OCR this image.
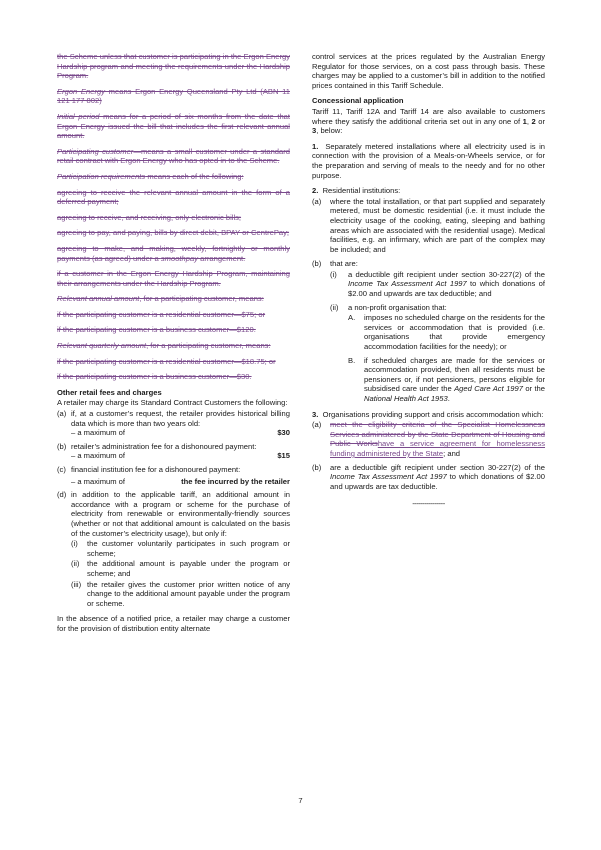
the Scheme unless that customer is participating in the Ergon Energy Hardship program and meeting the requirements under the Hardship Program.

Ergon Energy means Ergon Energy Queensland Pty Ltd (ABN 11 121 177 802)

Initial period means for a period of six months from the date that Ergon Energy issued the bill that includes the first relevant annual amount.

Participating customer—means a small customer under a standard retail contract with Ergon Energy who has opted in to the Scheme.

Participation requirements means each of the following:

agreeing to receive the relevant annual amount in the form of a deferred payment;

agreeing to receive, and receiving, only electronic bills;

agreeing to pay, and paying, bills by direct debit, BPAY or CentrePay;

agreeing to make, and making, weekly, fortnightly or monthly payments (as agreed) under a smoothpay arrangement.

if a customer in the Ergon Energy Hardship Program, maintaining their arrangements under the Hardship Program.

Relevant annual amount, for a participating customer, means:

if the participating customer is a residential customer—$75; or

if the participating customer is a business customer—$120.

Relevant quarterly amount, for a participating customer, means:

if the participating customer is a residential customer—$18.75; or

if the participating customer is a business customer—$30.

Other retail fees and charges

A retailer may charge its Standard Contract Customers the following:

(a) if, at a customer’s request, the retailer provides historical billing data which is more than two years old:
– a maximum of	$30
(b) retailer’s administration fee for a dishonoured payment:
– a maximum of	$15
(c) financial institution fee for a dishonoured payment:
– a maximum of	the fee incurred by the retailer
(d) in addition to the applicable tariff, an additional amount in accordance with a program or scheme for the purchase of electricity from renewable or environmentally-friendly sources (whether or not that additional amount is calculated on the basis of the customer’s electricity usage), but only if:
(i)	the customer voluntarily participates in such program or scheme;
(ii) the additional amount is payable under the program or scheme; and
(iii) the retailer gives the customer prior written notice of any change to the additional amount payable under the program or scheme.

In the absence of a notified price, a retailer may charge a customer for the provision of distribution entity alternate

control services at the prices regulated by the Australian Energy Regulator for those services, on a cost pass through basis. These charges may be applied to a customer’s bill in addition to the notified prices contained in this Tariff Schedule.

Concessional application

Tariff 11, Tariff 12A and Tariff 14 are also available to customers where they satisfy the additional criteria set out in any one of 1, 2 or 3, below:

1. Separately metered installations where all electricity used is in connection with the provision of a Meals-on-Wheels service, or for the preparation and serving of meals to the needy and for no other purpose.

2. Residential institutions:

(a)	where the total installation, or that part supplied and separately metered, must be domestic residential (i.e. it must include the electricity usage of the cooking, eating, sleeping and bathing areas which are associated with the residential usage). Medical facilities, e.g. an infirmary, which are part of the complex may be included; and
(b)	that are:
(i)	a deductible gift recipient under section 30-227(2) of the Income Tax Assessment Act 1997 to which donations of $2.00 and upwards are tax deductible; and
(ii)	a non-profit organisation that:
A.	imposes no scheduled charge on the residents for the services or accommodation that is provided (i.e. organisations that provide emergency accommodation facilities for the needy); or
B.	if scheduled charges are made for the services or accommodation provided, then all residents must be pensioners or, if not pensioners, persons eligible for subsidised care under the Aged Care Act 1997 or the National Health Act 1953.

3. Organisations providing support and crisis accommodation which:

(a)	meet the eligibility criteria of the Specialist Homelessness Services administered by the State Department of Housing and Public Workshave a service agreement for homelessness funding administered by the State; and
(b)	are a deductible gift recipient under section 30-227(2) of the Income Tax Assessment Act 1997 to which donations of $2.00 and upwards are tax deductible.
----------------
7
